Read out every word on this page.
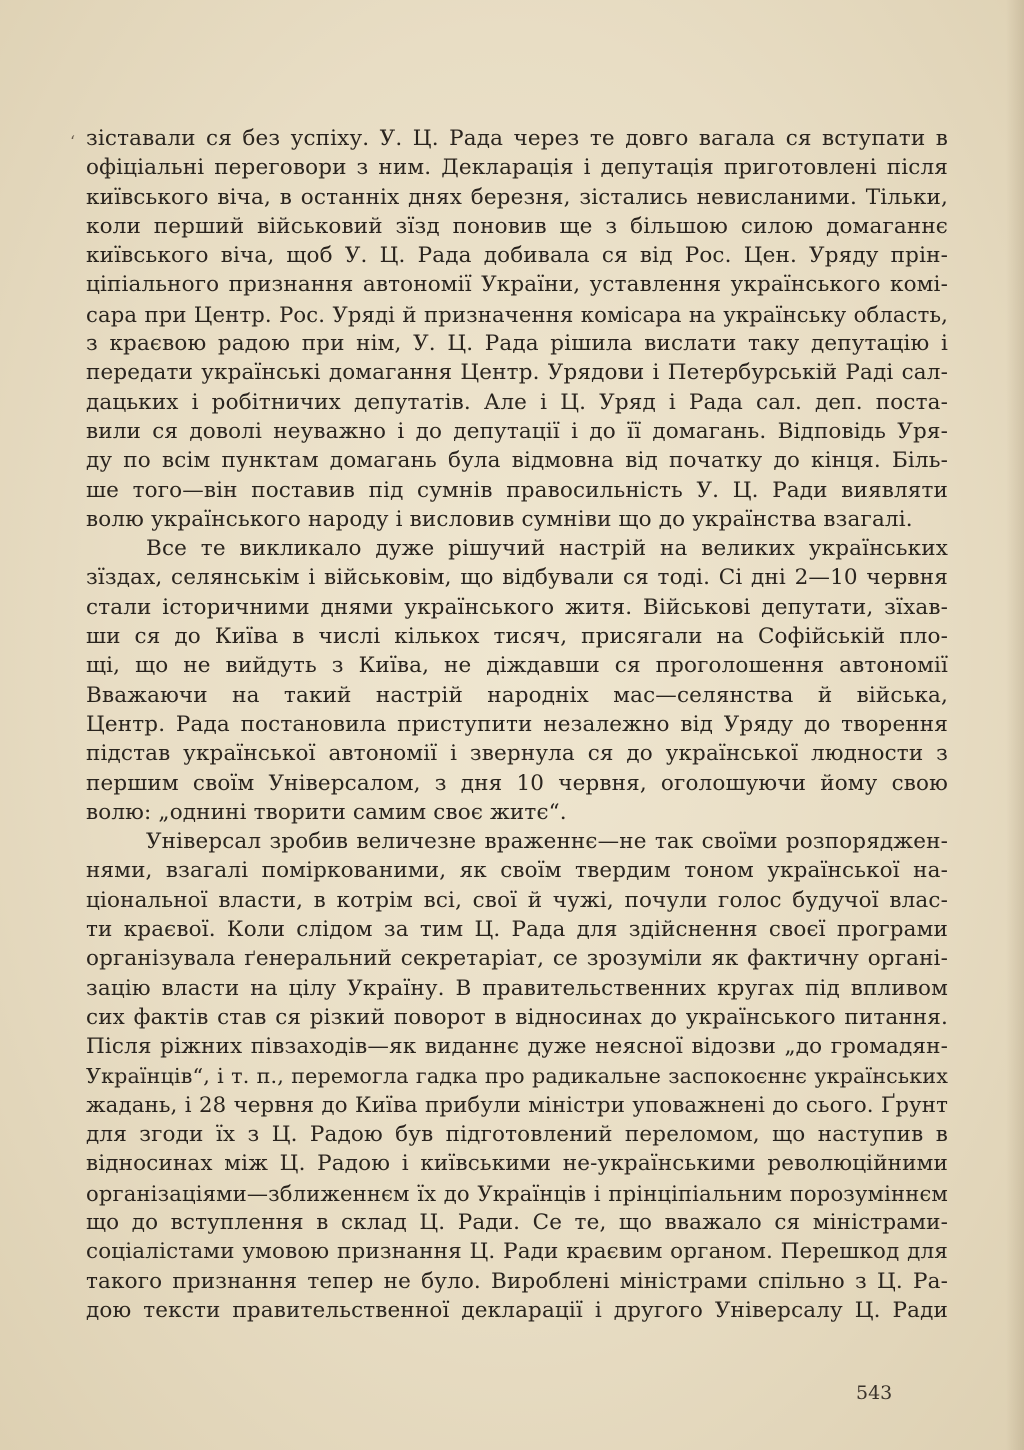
‘ зіставали ся без успіху. У. Ц. Рада через те довго вагала ся вступати в
офіціальні переговори з ним. Декларація і депутація приготовлені після
київського віча, в останніх днях березня, зістались невисланими. Тільки,
коли перший військовий зїзд поновив ще з більшою силою домаганнє
київського віча, щоб У. Ц. Рада добивала ся від Рос. Цен. Уряду прін-
ціпіального признання автономії України, уставлення українського комі-
сара при Центр. Рос. Уряді й призначення комісара на українську область,
з краєвою радою при нім, У. Ц. Рада рішила вислати таку депутацію і
передати українські домагання Центр. Урядови і Петербурській Раді сал-
дацьких і робітничих депутатів. Але і Ц. Уряд і Рада сал. деп. поста-
вили ся доволі неуважно і до депутації і до її домагань. Відповідь Уря-
ду по всім пунктам домагань була відмовна від початку до кінця. Біль-
ше того—він поставив під сумнів правосильність У. Ц. Ради виявляти
волю українського народу і висловив сумніви що до українства взагалі.
Все те викликало дуже рішучий настрій на великих українських
зїздах, селянськім і військовім, що відбували ся тоді. Сі дні 2—10 червня
стали історичними днями українського житя. Військові депутати, зїхав-
ши ся до Київа в числі кількох тисяч, присягали на Софійській пло-
щі, що не вийдуть з Київа, не діждавши ся проголошення автономії
Вважаючи на такий настрій народніх мас—селянства й війська,
Центр. Рада постановила приступити незалежно від Уряду до творення
підстав української автономії і звернула ся до української людности з
першим своїм Універсалом, з дня 10 червня, оголошуючи йому свою
волю: „однині творити самим своє житє“.
Універсал зробив величезне враженнє—не так своїми розпоряджен-
нями, взагалі поміркованими, як своїм твердим тоном української на-
ціональної власти, в котрім всі, свої й чужі, почули голос будучої влас-
ти краєвої. Коли слідом за тим Ц. Рада для здійснення своєї програми
організувала ґенеральний секретаріат, се зрозуміли як фактичну органі-
зацію власти на цілу Україну. В правительственних кругах під впливом
сих фактів став ся різкий поворот в відносинах до українського питання.
Після ріжних півзаходів—як виданнє дуже неясної відозви „до громадян-
Українців“, і т. п., перемогла гадка про радикальне заспокоєннє українських
жадань, і 28 червня до Київа прибули міністри уповажнені до сього. Ґрунт
для згоди їх з Ц. Радою був підготовлений переломом, що наступив в
відносинах між Ц. Радою і київськими не-українськими революційними
організаціями—зближеннєм їх до Українців і прінціпіальним порозуміннєм
що до вступлення в склад Ц. Ради. Се те, що вважало ся міністрами-
соціалістами умовою признання Ц. Ради краєвим органом. Перешкод для
такого признання тепер не було. Вироблені міністрами спільно з Ц. Ра-
дою тексти правительственної декларації і другого Універсалу Ц. Ради
543
